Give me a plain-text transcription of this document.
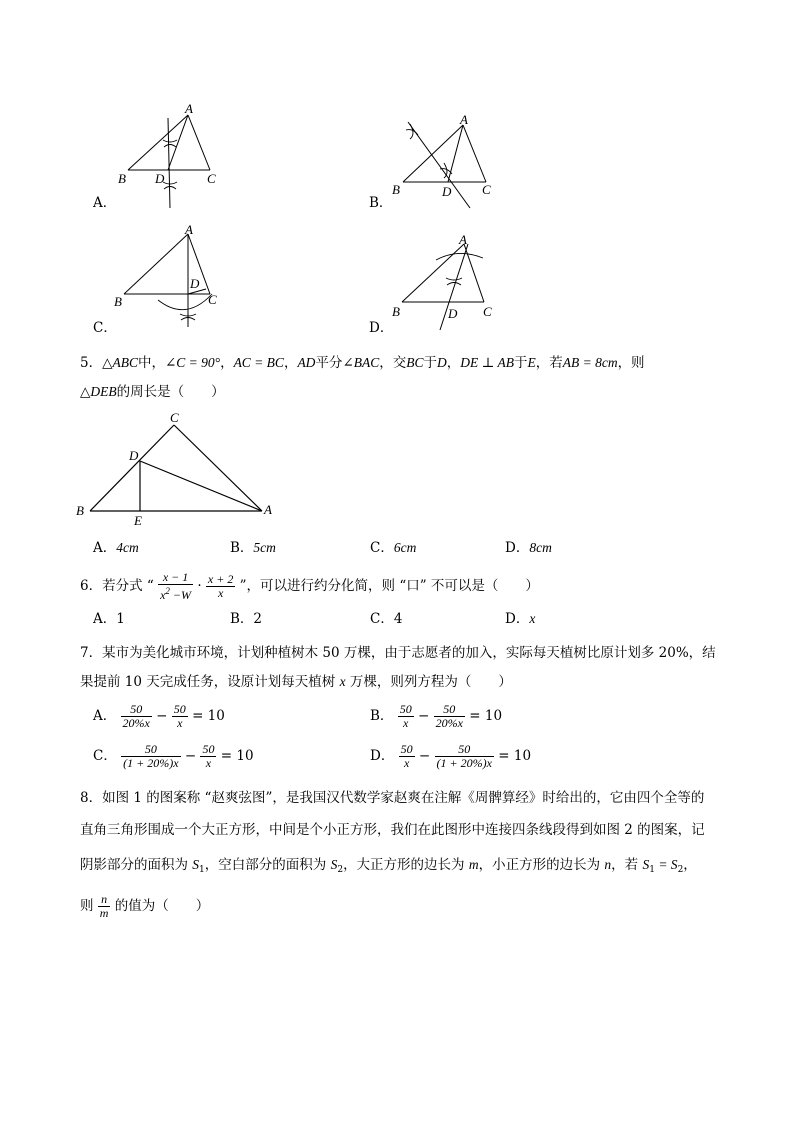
A
B D	C
A．
A
B	D C
B．
A
B
D
C
C．
A
B	D C
D．
5．△ABC中，∠C = 90°，AC = BC，AD平分∠BAC，交BC于D，DE ⊥ AB于E，若AB = 8cm，则
△DEB的周长是（　　）
C
D
B
E
A
A．4cm	B．5cm	C．6cm	D．8cm
6．若分式 “ $\frac{x - 1}{x^2 -W} \cdot \frac{x + 2}{x}$ ”，可以进行约分化简，则 “口” 不可以是（　　）
A．1	B．2	C．4	D．x
7．某市为美化城市环境，计划种植树木 50 万棵，由于志愿者的加入，实际每天植树比原计划多 20%，结
果提前 10 天完成任务，设原计划每天植树 x 万棵，则列方程为（　　）
A． $\frac{50}{20\%x} - \frac{50}{x} = 10$	B． $\frac{50}{x} - \frac{50}{20\%x} = 10$
C． $\frac{50}{(1 + 20\%)x} - \frac{50}{x} = 10$	D． $\frac{50}{x} - \frac{50}{(1 + 20\%)x} = 10$
8．如图 1 的图案称 “赵爽弦图”，是我国汉代数学家赵爽在注解《周髀算经》时给出的，它由四个全等的
直角三角形围成一个大正方形，中间是个小正方形，我们在此图形中连接四条线段得到如图 2 的图案，记
阴影部分的面积为 $S_1$，空白部分的面积为 $S_2$，大正方形的边长为 m，小正方形的边长为 n，若 $S_1 = S_2$，
则 $\frac{n}{m}$ 的值为（　　）
